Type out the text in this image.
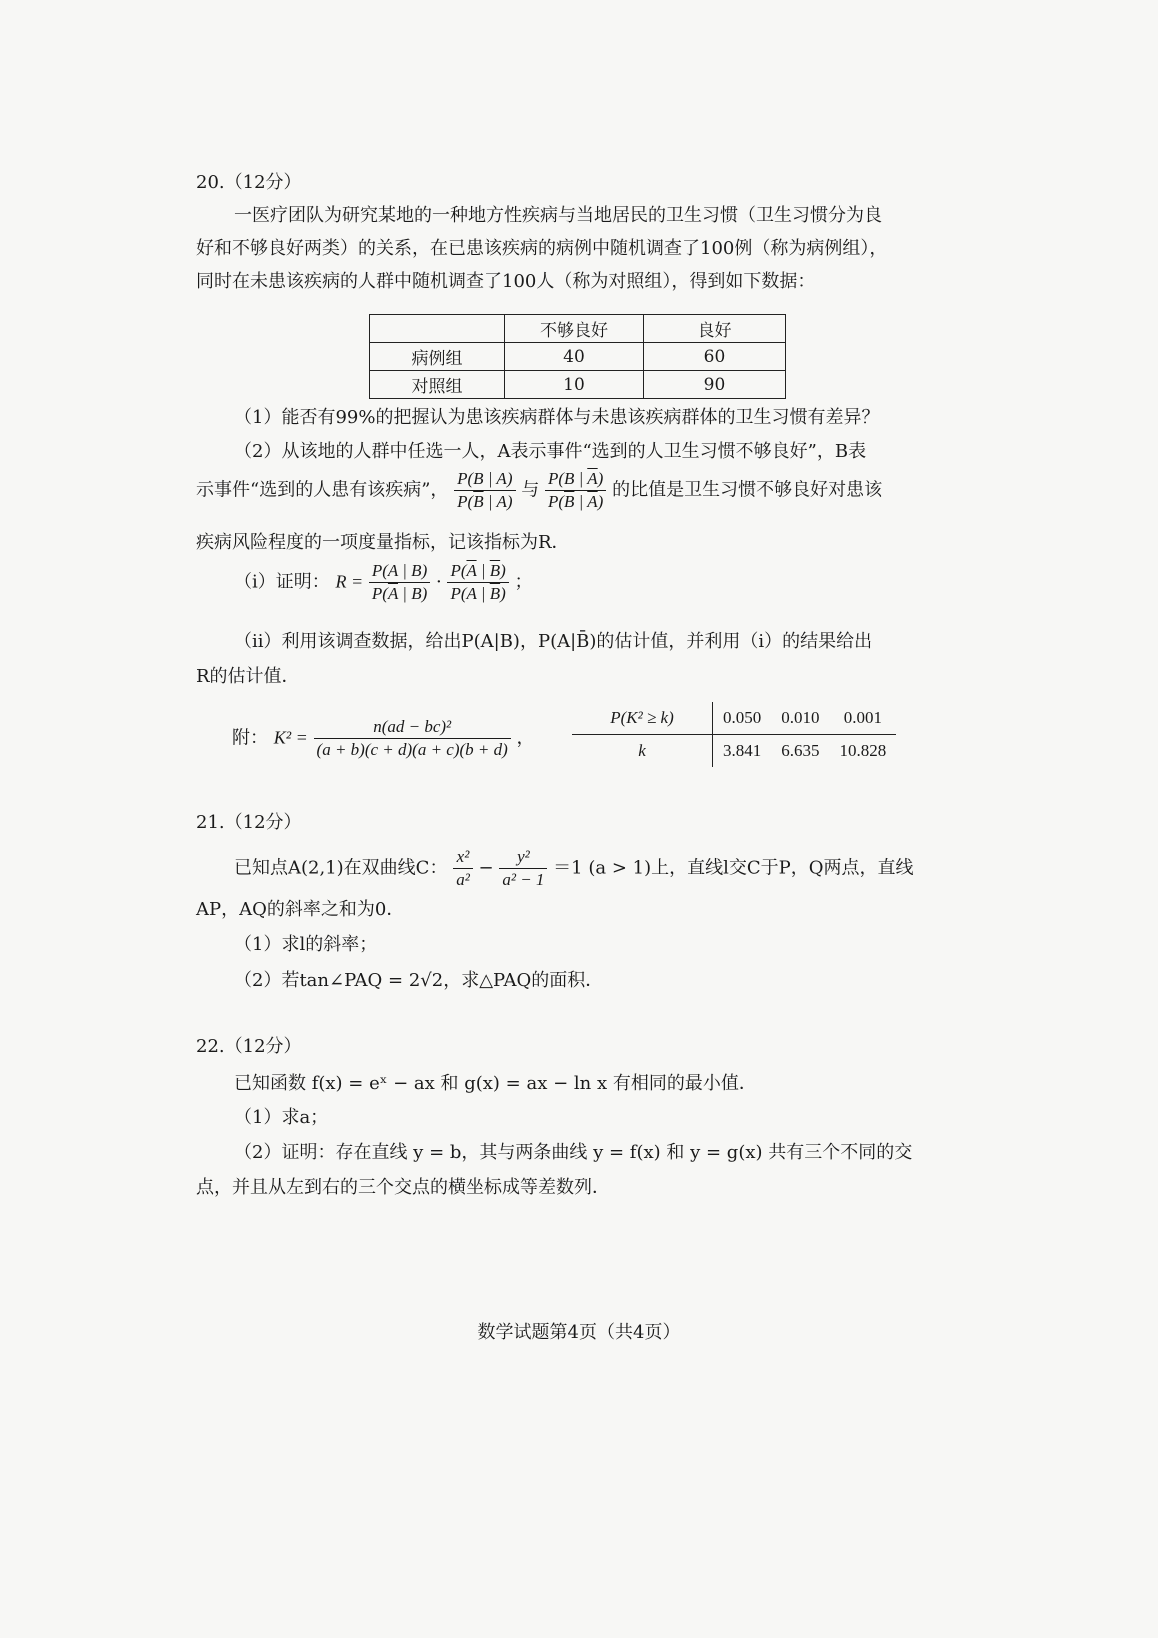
20.（12分）
一医疗团队为研究某地的一种地方性疾病与当地居民的卫生习惯（卫生习惯分为良
好和不够良好两类）的关系，在已患该疾病的病例中随机调查了100例（称为病例组），
同时在未患该疾病的人群中随机调查了100人（称为对照组），得到如下数据：
	不够良好	良好
病例组	40	60
对照组	10	90
（1）能否有99%的把握认为患该疾病群体与未患该疾病群体的卫生习惯有差异？
（2）从该地的人群中任选一人，A表示事件“选到的人卫生习惯不够良好”，B表
示事件“选到的人患有该疾病”， $\frac{P(B | A)}{P(\overline{B} | A)}$ 与 $\frac{P(B | \overline{A})}{P(\overline{B} | \overline{A})}$ 的比值是卫生习惯不够良好对患该
疾病风险程度的一项度量指标，记该指标为R．
（i）证明： $R = \frac{P(A | B)}{P(\overline{A} | B)} \cdot \frac{P(\overline{A} | \overline{B})}{P(A | \overline{B})}$ ；
（ii）利用该调查数据，给出P(A|B)，P(A|B̄)的估计值，并利用（i）的结果给出
R的估计值．
附： $K^2 = \frac{\text{n(ad − bc)²}}{(a + b)(c + d)(a + c)(b + d)}$ ，
P(K² ≥ k)	0.050	0.010	0.001
k	3.841	6.635	10.828
21.（12分）
已知点A(2,1)在双曲线C： $\frac{\text{x²}}{\text{a²}} - \frac{\text{y²}}{\text{a² − 1}} =1$ (a > 1)上，直线l交C于P，Q两点，直线
AP，AQ的斜率之和为0．
（1）求l的斜率；
（2）若tan∠PAQ = 2√2，求△PAQ的面积．
22.（12分）
已知函数 f(x) = eˣ − ax 和 g(x) = ax − ln x 有相同的最小值．
（1）求a；
（2）证明：存在直线 y = b，其与两条曲线 y = f(x) 和 y = g(x) 共有三个不同的交
点，并且从左到右的三个交点的横坐标成等差数列．
数学试题第4页（共4页）
